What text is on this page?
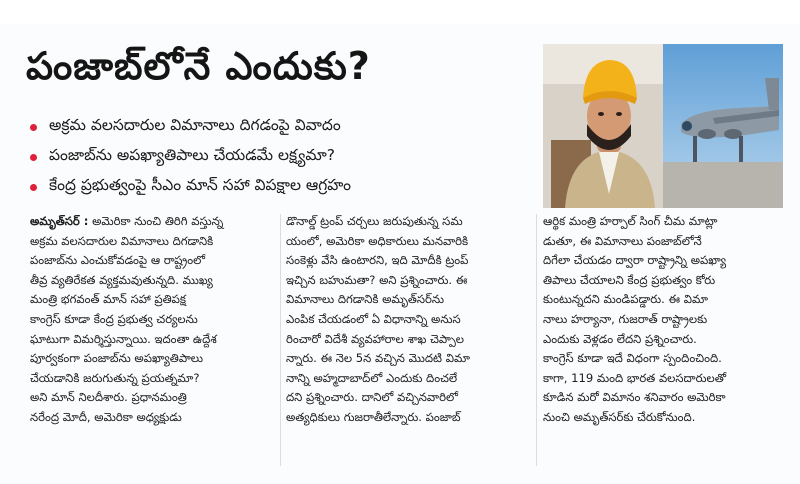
పంజాబ్‌లోనే ఎందుకు?
అక్రమ వలసదారుల విమానాలు దిగడంపై వివాదం
పంజాబ్‌ను అపఖ్యాతిపాలు చేయడమే లక్ష్యమా?
కేంద్ర ప్రభుత్వంపై సీఎం మాన్ సహా విపక్షాల ఆగ్రహం
అమృత్‌సర్ : అమెరికా నుంచి తిరిగి వస్తున్న
అక్రమ వలసదారుల విమానాలు దిగడానికి
పంజాబ్‌ను ఎంచుకోవడంపై ఆ రాష్ట్రంలో
తీవ్ర వ్యతిరేకత వ్యక్తమవుతున్నది. ముఖ్య
మంత్రి భగవంత్ మాన్ సహా ప్రతిపక్ష
కాంగ్రెస్ కూడా కేంద్ర ప్రభుత్వ చర్యలను
ఘాటుగా విమర్శిస్తున్నాయి. ఇదంతా ఉద్దేశ
పూర్వకంగా పంజాబ్‌ను అపఖ్యాతిపాలు
చేయడానికి జరుగుతున్న ప్రయత్నమా?
అని మాన్ నిలదీశారు. ప్రధానమంత్రి
నరేంద్ర మోదీ, అమెరికా అధ్యక్షుడు
డొనాల్డ్ ట్రంప్ చర్చలు జరుపుతున్న సమ
యంలో, అమెరికా అధికారులు మనవారికి
సంకెళ్లు వేసి ఉంటారని, ఇది మోదీకి ట్రంప్
ఇచ్చిన బహుమతా? అని ప్రశ్నించారు. ఈ
విమానాలు దిగడానికి అమృత్‌సర్‌ను
ఎంపిక చేయడంలో ఏ విధానాన్ని అనుస
రించారో విదేశీ వ్యవహారాల శాఖ చెప్పాల
న్నారు. ఈ నెల 5న వచ్చిన మొదటి విమా
నాన్ని అహ్మదాబాద్‌లో ఎందుకు దించలే
దని ప్రశ్నించారు. దానిలో వచ్చినవారిలో
అత్యధికులు గుజరాతీలేన్నారు. పంజాబ్
ఆర్థిక మంత్రి హర్పాల్ సింగ్ చీమ మాట్లా
డుతూ, ఈ విమానాలు పంజాబ్‌లోనే
దిగేలా చేయడం ద్వారా రాష్ట్రాన్ని అపఖ్యా
తిపాలు చేయాలని కేంద్ర ప్రభుత్వం కోరు
కుంటున్నదని మండిపడ్డారు. ఈ విమా
నాలు హర్యానా, గుజరాత్ రాష్ట్రాలకు
ఎందుకు వెళ్లడం లేదని ప్రశ్నించారు.
కాంగ్రెస్ కూడా ఇదే విధంగా స్పందించింది.
కాగా, 119 మంది భారత వలసదారులతో
కూడిన మరో విమానం శనివారం అమెరికా
నుంచి అమృత్‌సర్‌కు చేరుకోనుంది.
